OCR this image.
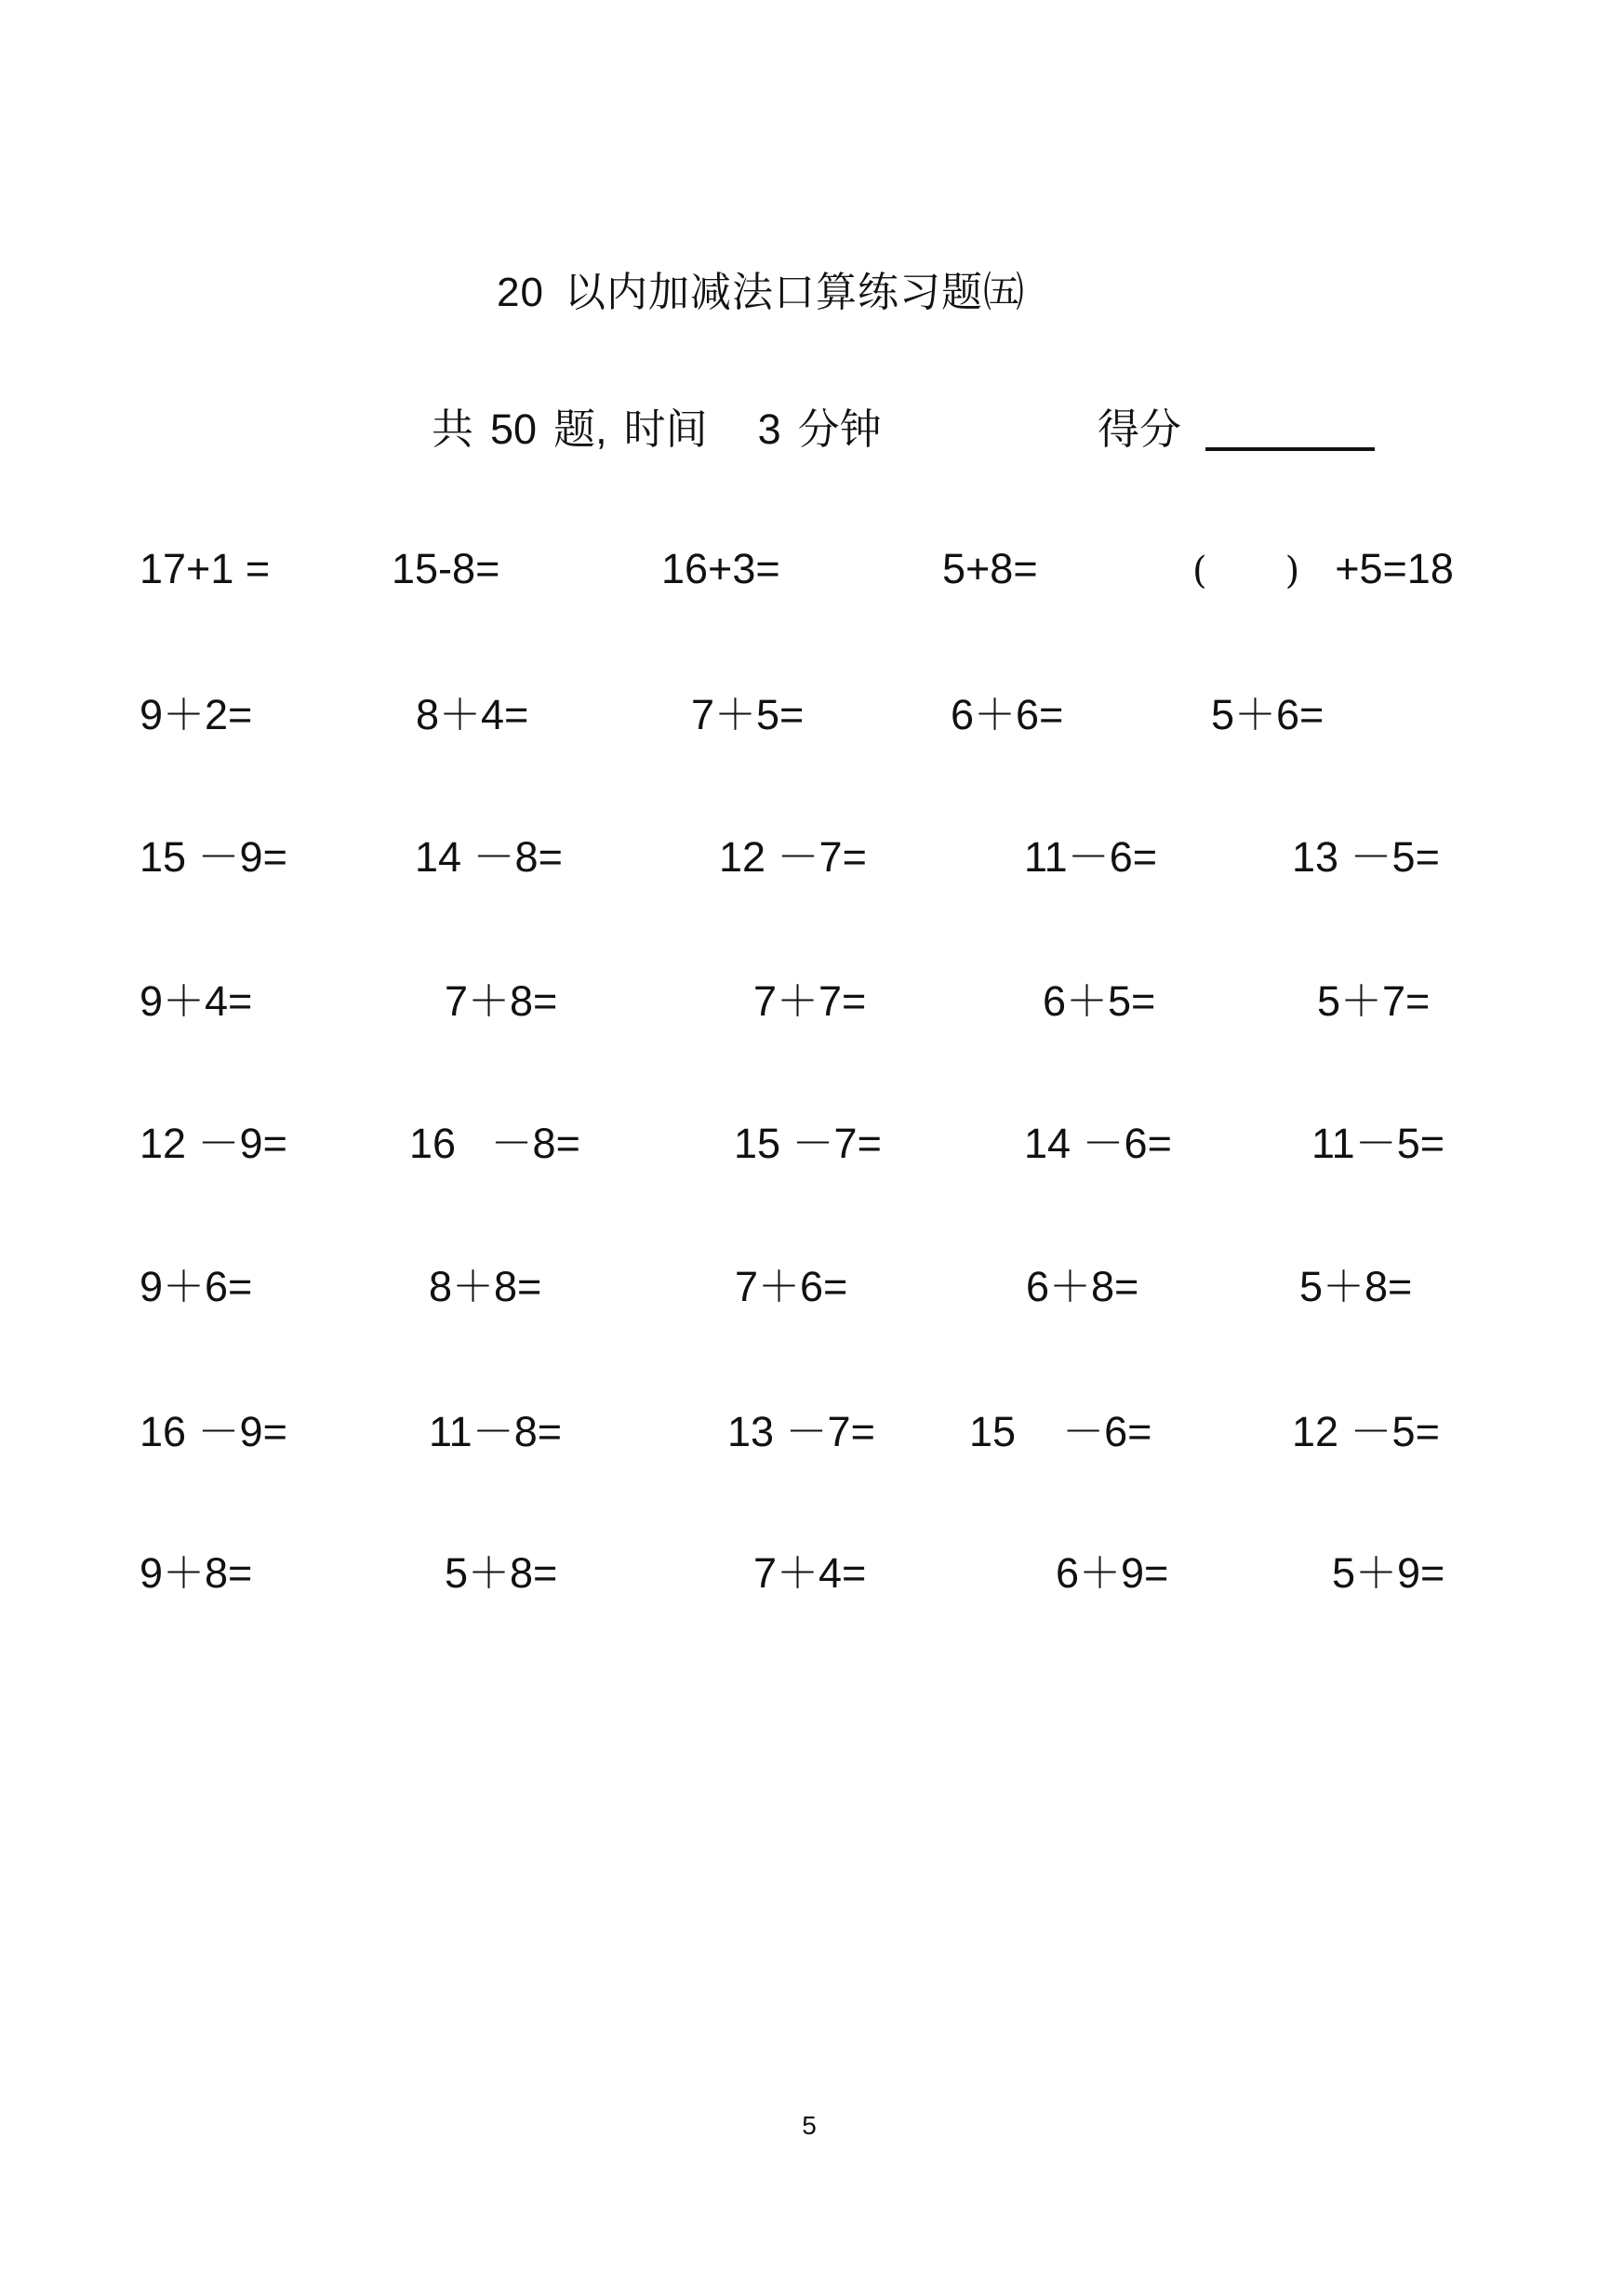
20 以内加减法口算练习题㈤
共 50 题, 时间 3 分钟	得分
17+1 =	15-8=	16+3=	5+8=	( ) +5=18
9＋2=	8＋4=	7＋5=	6＋6=	5＋6=
15 －9=	14 －8=	12 －7=	11－6=	13 －5=
9＋4=	7＋8=	7＋7=	6＋5=	5＋7=
12 －9=	16   －8=	15 －7=	14 －6=	11－5=
9＋6=	8＋8=	7＋6=	6＋8=	5＋8=
16 －9=	11－8=	13 －7= 15    －6=	12 －5=
9＋8=	5＋8=	7＋4=	6＋9=	5＋9=
5
